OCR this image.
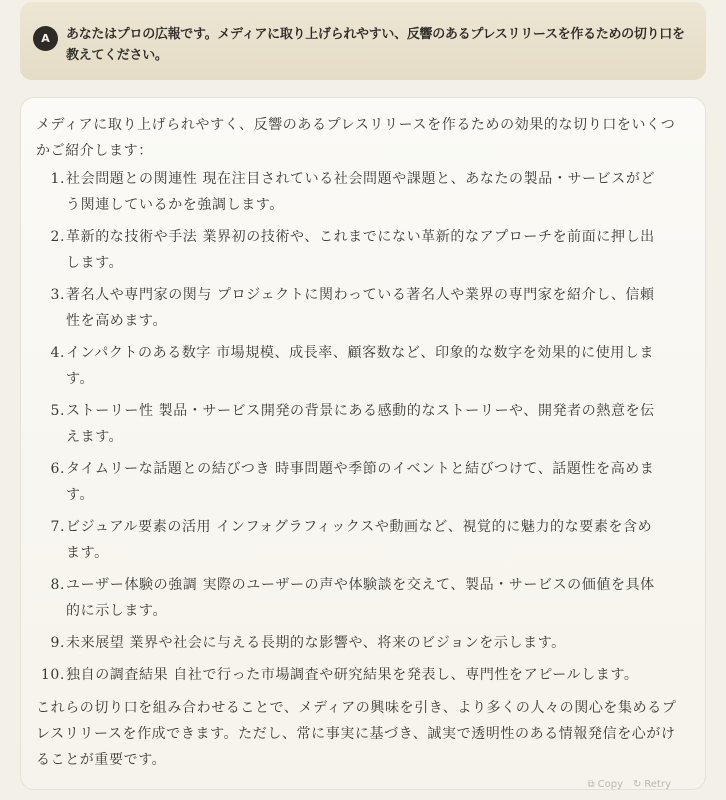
A	あなたはプロの広報です。メディアに取り上げられやすい、反響のあるプレスリリースを作るための切り口を教えてください。

メディアに取り上げられやすく、反響のあるプレスリリースを作るための効果的な切り口をいくつかご紹介します：

1. 社会問題との関連性 現在注目されている社会問題や課題と、あなたの製品・サービスがどう関連しているかを強調します。

2. 革新的な技術や手法 業界初の技術や、これまでにない革新的なアプローチを前面に押し出します。

3. 著名人や専門家の関与 プロジェクトに関わっている著名人や業界の専門家を紹介し、信頼性を高めます。

4. インパクトのある数字 市場規模、成長率、顧客数など、印象的な数字を効果的に使用します。

5. ストーリー性 製品・サービス開発の背景にある感動的なストーリーや、開発者の熱意を伝えます。

6. タイムリーな話題との結びつき 時事問題や季節のイベントと結びつけて、話題性を高めます。

7. ビジュアル要素の活用 インフォグラフィックスや動画など、視覚的に魅力的な要素を含めます。

8. ユーザー体験の強調 実際のユーザーの声や体験談を交えて、製品・サービスの価値を具体的に示します。

9. 未来展望 業界や社会に与える長期的な影響や、将来のビジョンを示します。

10. 独自の調査結果 自社で行った市場調査や研究結果を発表し、専門性をアピールします。

これらの切り口を組み合わせることで、メディアの興味を引き、より多くの人々の関心を集めるプレスリリースを作成できます。ただし、常に事実に基づき、誠実で透明性のある情報発信を心がけることが重要です。

⧉ Copy ↻ Retry
